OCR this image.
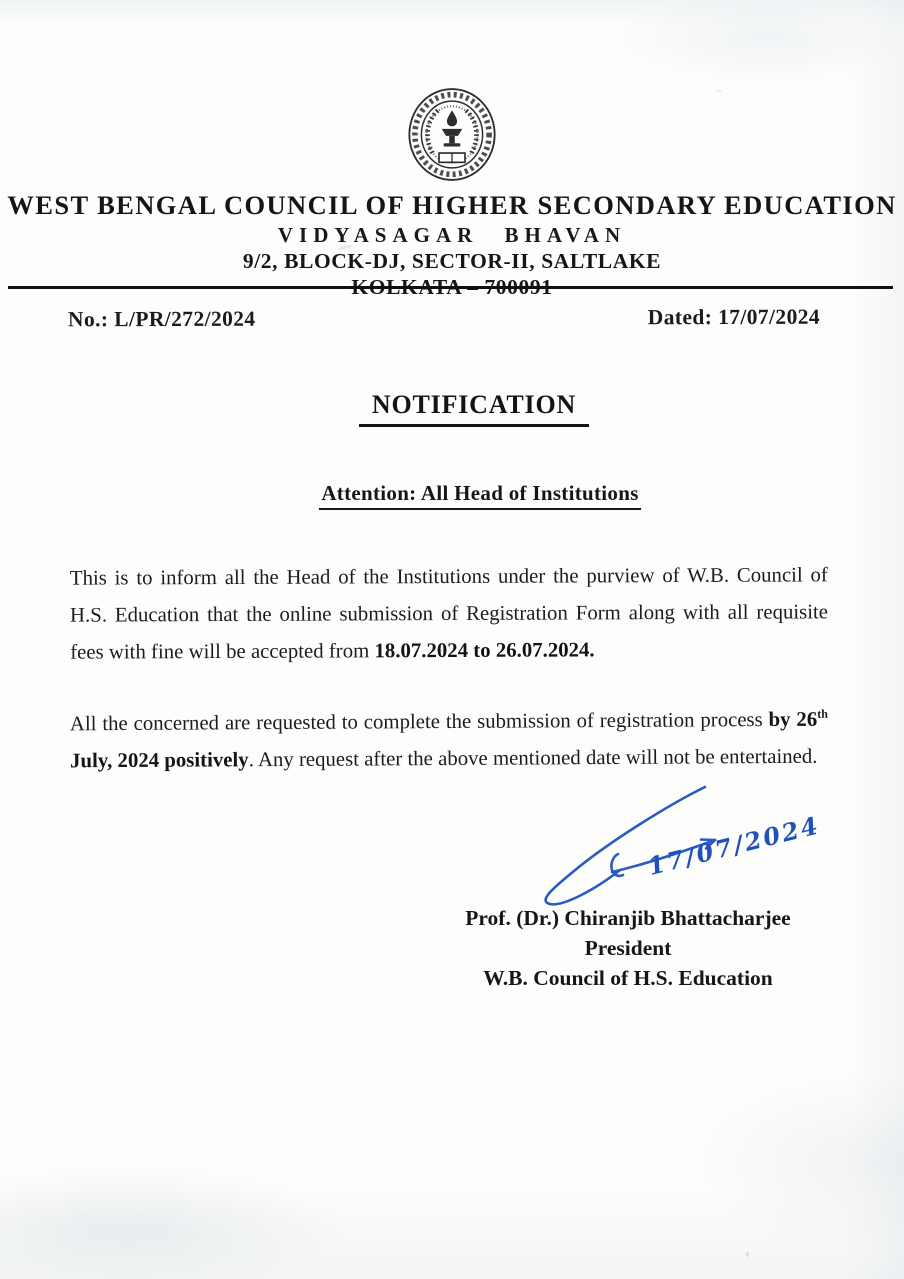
WEST BENGAL COUNCIL OF HIGHER SECONDARY EDUCATION
VIDYASAGAR BHAVAN
9/2, BLOCK-DJ, SECTOR-II, SALTLAKE
KOLKATA – 700091
No.: L/PR/272/2024	Dated: 17/07/2024
NOTIFICATION
Attention: All Head of Institutions

This is to inform all the Head of the Institutions under the purview of W.B. Council of H.S. Education that the online submission of Registration Form along with all requisite fees with fine will be accepted from 18.07.2024 to 26.07.2024.

All the concerned are requested to complete the submission of registration process by 26th July, 2024 positively. Any request after the above mentioned date will not be entertained.

17/07/2024
Prof. (Dr.) Chiranjib Bhattacharjee
President
W.B. Council of H.S. Education
